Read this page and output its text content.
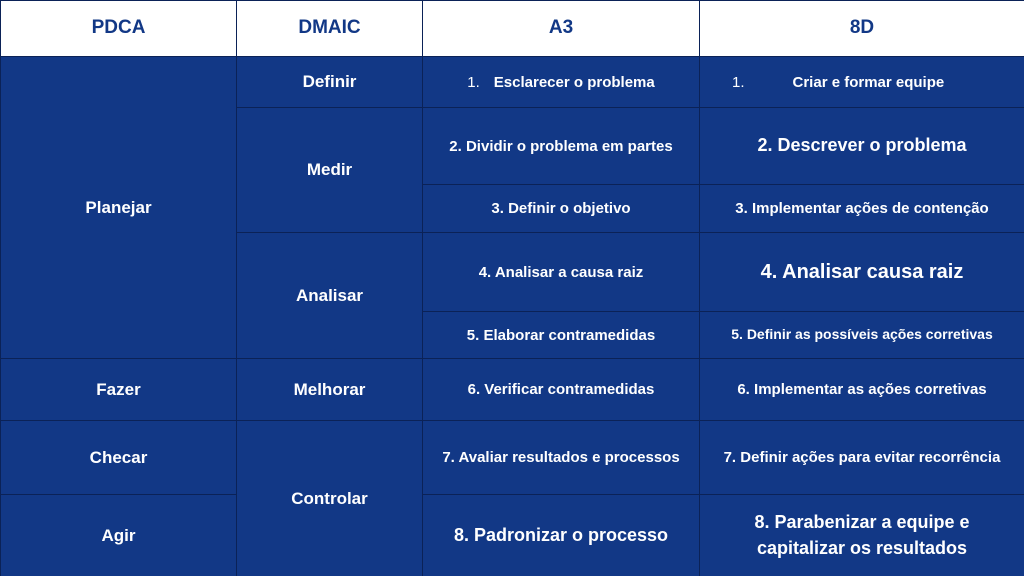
PDCA	DMAIC	A3	8D
Planejar	Definir	1. Esclarecer o problema	1. Criar e formar equipe

	Medir	2. Dividir o problema em partes	2. Descrever o problema
		3. Definir o objetivo	3. Implementar ações de contenção
	Analisar	4. Analisar a causa raiz	4. Analisar causa raiz
		5. Elaborar contramedidas	5. Definir as possíveis ações corretivas
Fazer	Melhorar	6. Verificar contramedidas	6. Implementar as ações corretivas
Checar	Controlar	7. Avaliar resultados e processos	7. Definir ações para evitar recorrência
Agir		8. Padronizar o processo	8. Parabenizar a equipe e capitalizar os resultados
